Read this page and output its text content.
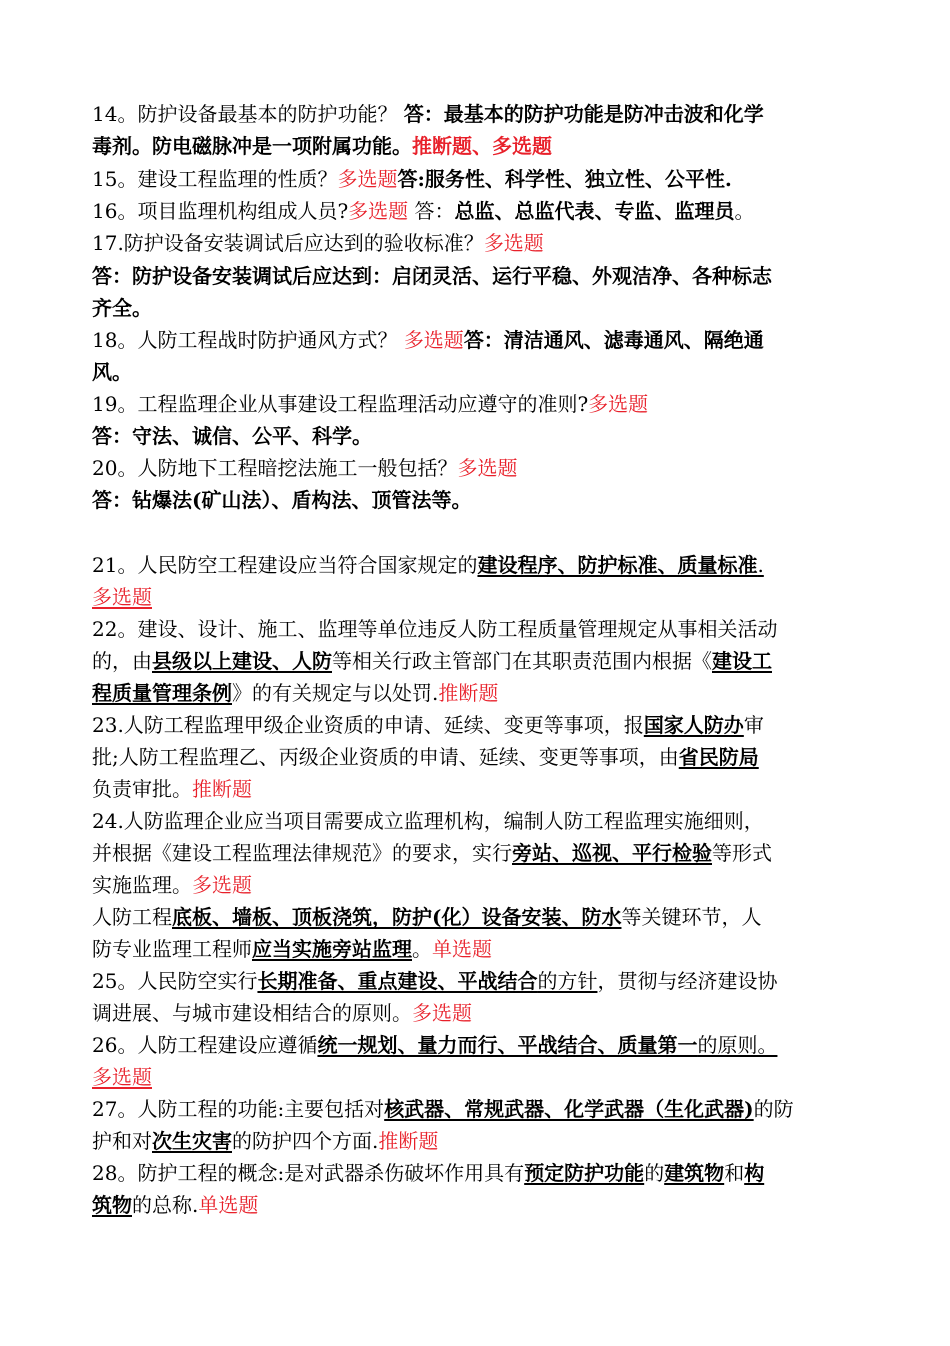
14。防护设备最基本的防护功能？ 答：最基本的防护功能是防冲击波和化学
毒剂。防电磁脉冲是一项附属功能。推断题、多选题
15。建设工程监理的性质？多选题答:服务性、科学性、独立性、公平性.
16。项目监理机构组成人员?多选题 答：总监、总监代表、专监、监理员。
17.防护设备安装调试后应达到的验收标准？多选题
答：防护设备安装调试后应达到：启闭灵活、运行平稳、外观洁净、各种标志
齐全。
18。人防工程战时防护通风方式？ 多选题答：清洁通风、滤毒通风、隔绝通
风。
19。工程监理企业从事建设工程监理活动应遵守的准则?多选题
答：守法、诚信、公平、科学。
20。人防地下工程暗挖法施工一般包括？多选题
答：钻爆法(矿山法）、盾构法、顶管法等。
21。人民防空工程建设应当符合国家规定的建设程序、防护标准、质量标准.
多选题
22。建设、设计、施工、监理等单位违反人防工程质量管理规定从事相关活动
的，由县级以上建设、人防等相关行政主管部门在其职责范围内根据《建设工
程质量管理条例》的有关规定与以处罚.推断题
23.人防工程监理甲级企业资质的申请、延续、变更等事项，报国家人防办审
批;人防工程监理乙、丙级企业资质的申请、延续、变更等事项，由省民防局
负责审批。推断题
24.人防监理企业应当项目需要成立监理机构，编制人防工程监理实施细则，
并根据《建设工程监理法律规范》的要求，实行旁站、巡视、平行检验等形式
实施监理。多选题
人防工程底板、墙板、顶板浇筑，防护(化）设备安装、防水等关键环节，人
防专业监理工程师应当实施旁站监理。单选题
25。人民防空实行长期准备、重点建设、平战结合的方针，贯彻与经济建设协
调进展、与城市建设相结合的原则。多选题
26。人防工程建设应遵循统一规划、量力而行、平战结合、质量第一的原则。
多选题
27。人防工程的功能:主要包括对核武器、常规武器、化学武器（生化武器)的防
护和对次生灾害的防护四个方面.推断题
28。防护工程的概念:是对武器杀伤破坏作用具有预定防护功能的建筑物和构
筑物的总称.单选题
